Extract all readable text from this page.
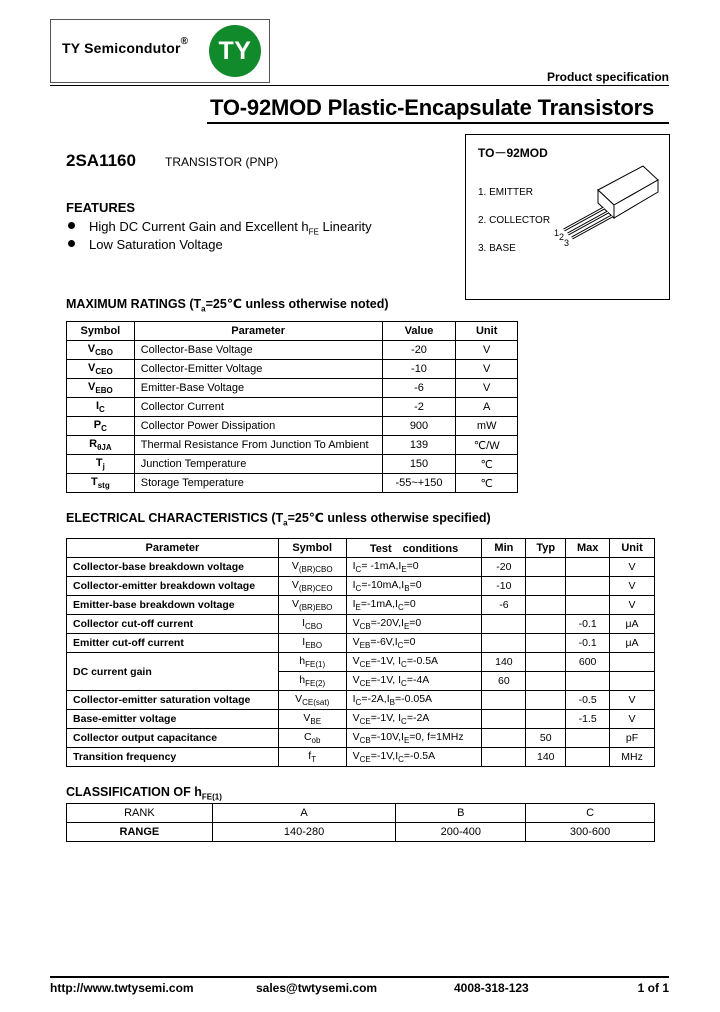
TY Semicondutor® TY
Product specification
TO-92MOD Plastic-Encapsulate Transistors
2SA1160 TRANSISTOR (PNP)
FEATURES
High DC Current Gain and Excellent $h_{FE}$ Linearity
Low Saturation Voltage
TO－92MOD
1. EMITTER
2. COLLECTOR
3. BASE
1 2
3
MAXIMUM RATINGS ($T_a=25℃$ unless otherwise noted)
Symbol	Parameter	Value	Unit
$V_{CBO}$	Collector-Base Voltage	-20	V
$V_{CEO}$	Collector-Emitter Voltage	-10	V
$V_{EBO}$	Emitter-Base Voltage	-6	V
$I_C$	Collector Current	-2	A
$P_C$	Collector Power Dissipation	900	mW
$R_{\theta JA}$	Thermal Resistance From Junction To Ambient	139	℃/W
$T_j$	Junction Temperature	150	℃
$T_{stg}$	Storage Temperature	-55~+150	℃
ELECTRICAL CHARACTERISTICS ($T_a=25℃$ unless otherwise specified)
Parameter	Symbol	Test　conditions	Min	Typ	Max	Unit
Collector-base breakdown voltage	$V_{(BR)CBO}$	$I_C= -1mA,I_E=0$	-20			V
Collector-emitter breakdown voltage	$V_{(BR)CEO}$	$I_C=-10mA,I_B=0$	-10			V
Emitter-base breakdown voltage	$V_{(BR)EBO}$	$I_E=-1mA,I_C=0$	-6			V
Collector cut-off current	$I_{CBO}$	$V_{CB}=-20V,I_E=0$			-0.1	μA
Emitter cut-off current	$I_{EBO}$	$V_{EB}=-6V,I_C=0$			-0.1	μA
DC current gain	$h_{FE(1)}$	$V_{CE}=-1V$, $I_C=-0.5A$	140		600	
	$h_{FE(2)}$	$V_{CE}=-1V$, $I_C=-4A$	60			
Collector-emitter saturation voltage	$V_{CE(sat)}$	$I_C=-2A,I_B=-0.05A$			-0.5	V
Base-emitter voltage	$V_{BE}$	$V_{CE}=-1V$, $I_C=-2A$			-1.5	V
Collector output capacitance	$C_{ob}$	$V_{CB}=-10V,I_E=0$, f=1MHz		50		pF
Transition frequency	$f_T$	$V_{CE}=-1V,I_C=-0.5A$		140		MHz
CLASSIFICATION OF $h_{FE(1)}$
RANK	A	B	C
RANGE	140-280	200-400	300-600
http://www.twtysemi.com	sales@twtysemi.com	4008-318-123	1 of 1
